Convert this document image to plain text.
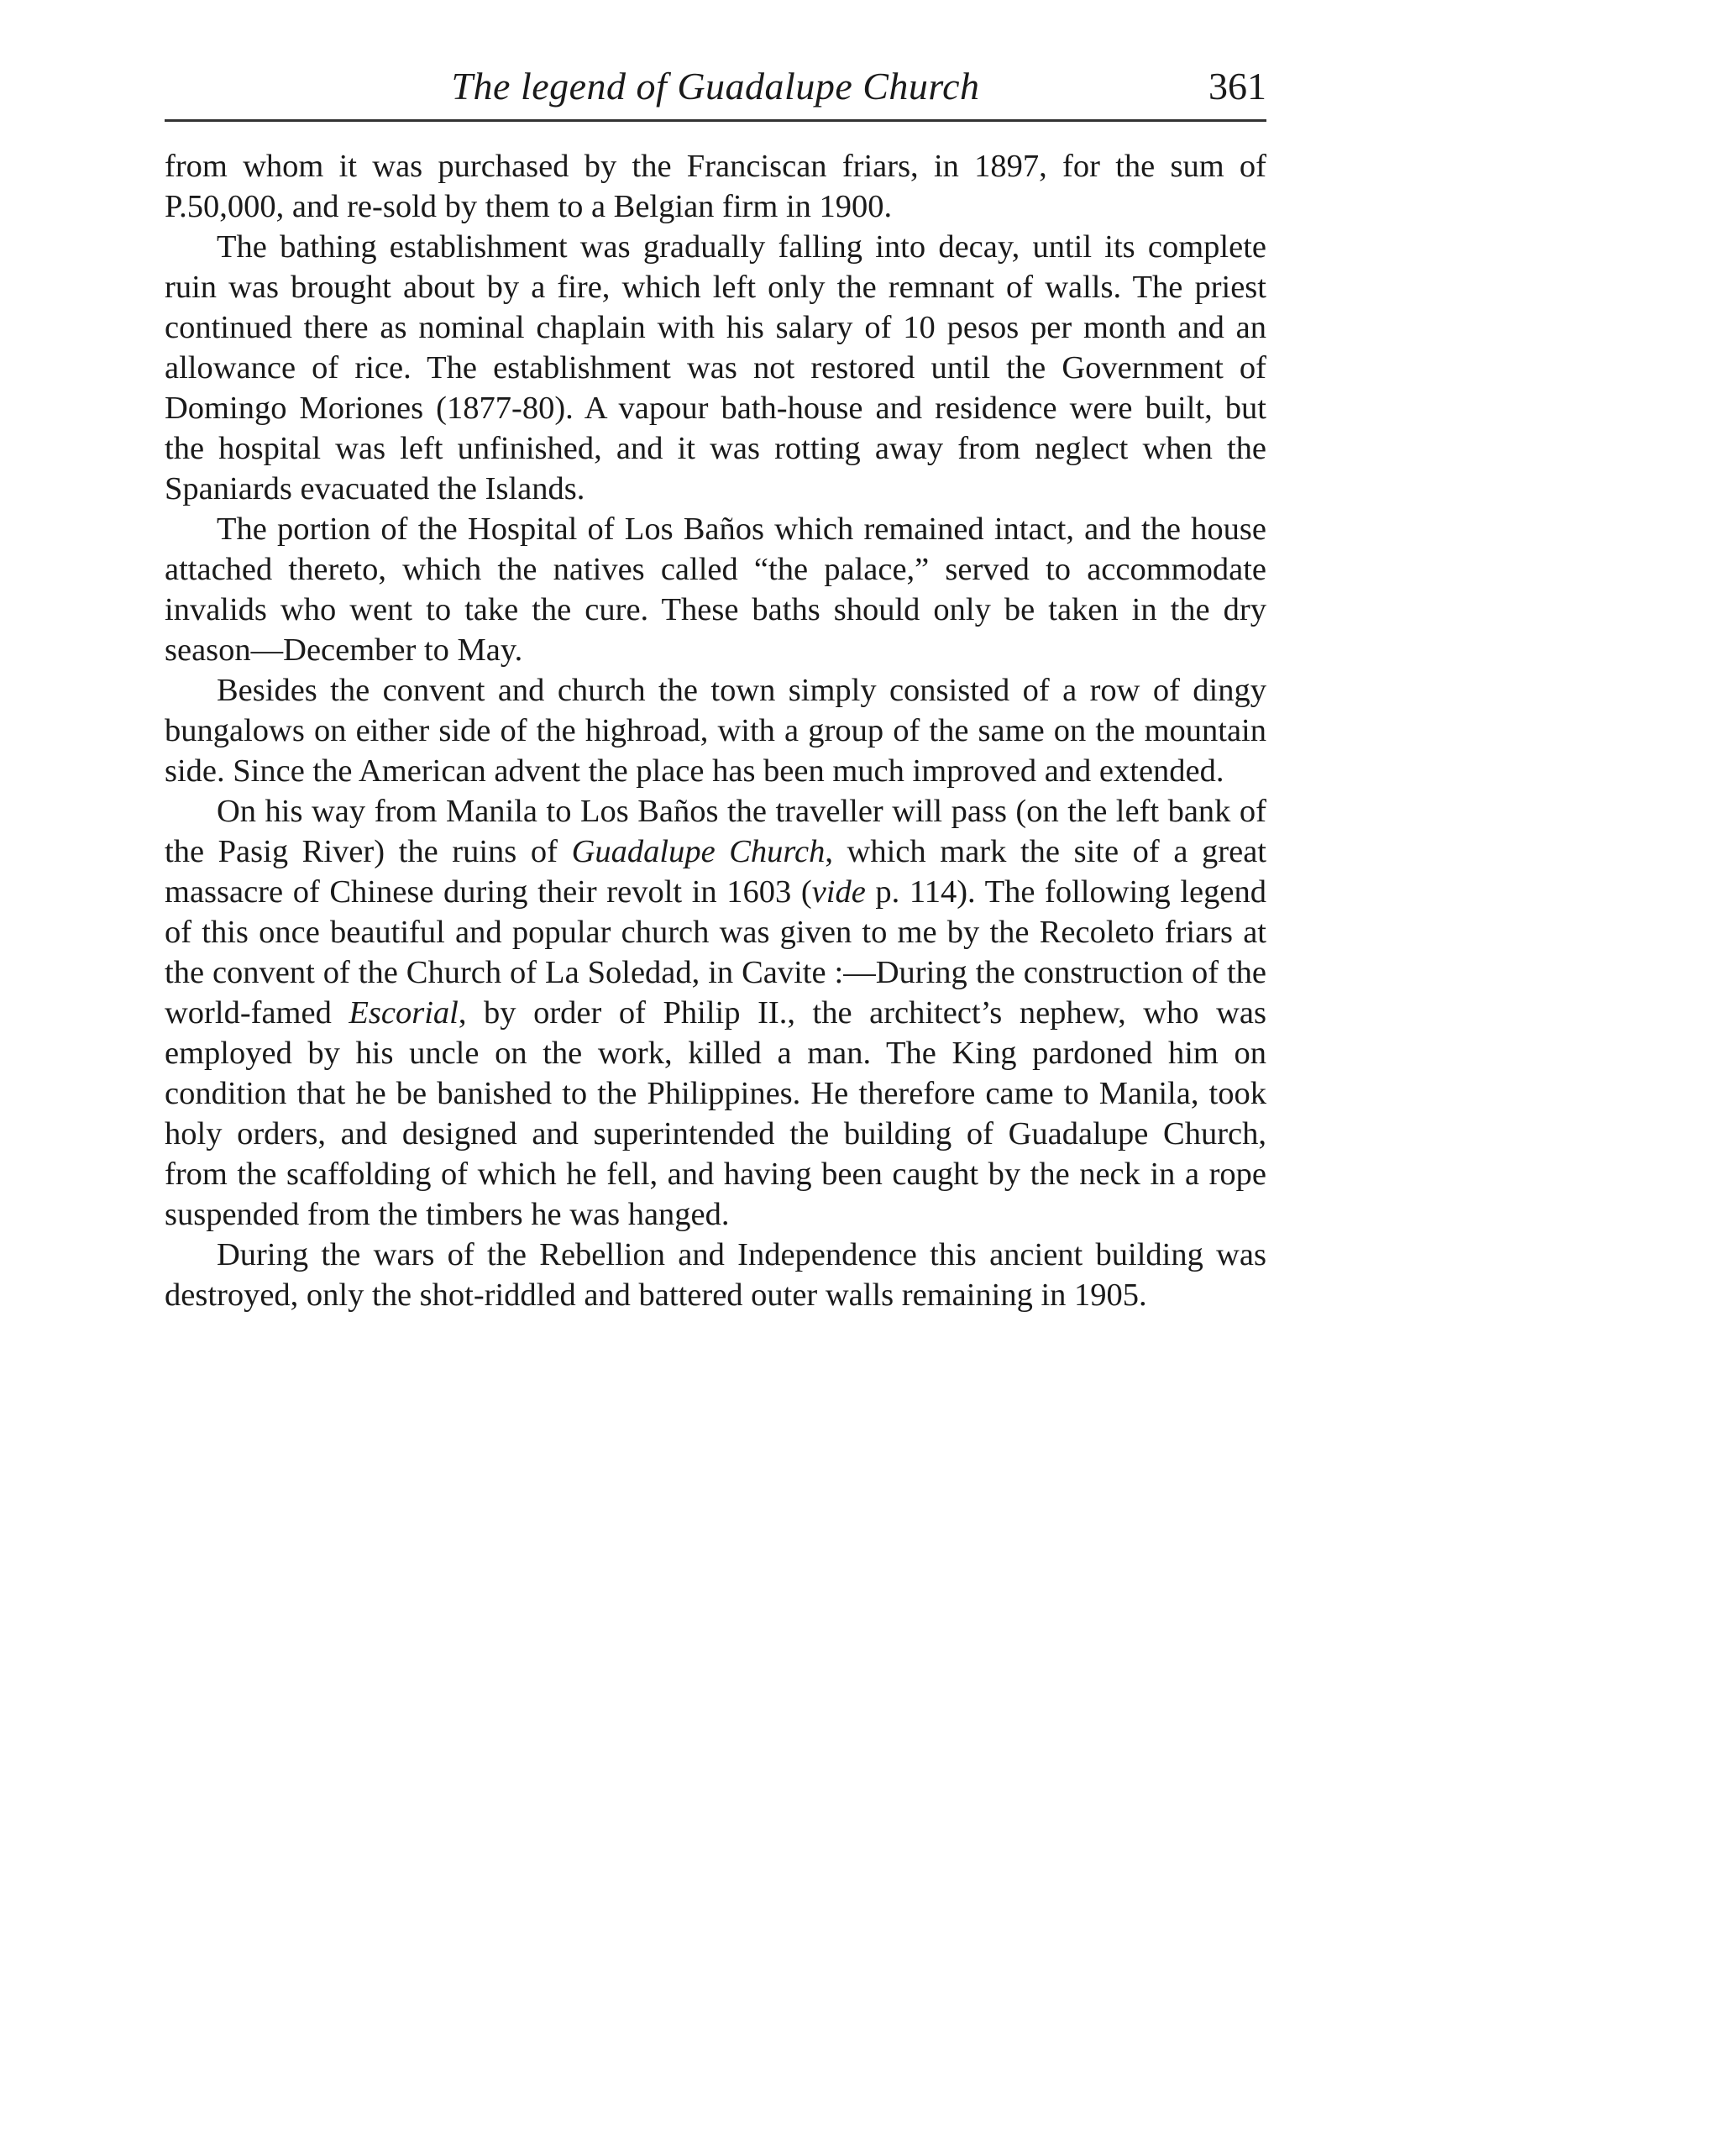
The legend of Guadalupe Church	361

from whom it was purchased by the Franciscan friars, in 1897, for the sum of P.50,000, and re-sold by them to a Belgian firm in 1900.

The bathing establishment was gradually falling into decay, until its complete ruin was brought about by a fire, which left only the remnant of walls. The priest continued there as nominal chaplain with his salary of 10 pesos per month and an allowance of rice. The establishment was not restored until the Government of Domingo Moriones (1877-80). A vapour bath-house and residence were built, but the hospital was left unfinished, and it was rotting away from neglect when the Spaniards evacuated the Islands.

The portion of the Hospital of Los Baños which remained intact, and the house attached thereto, which the natives called “the palace,” served to accommodate invalids who went to take the cure. These baths should only be taken in the dry season—December to May.

Besides the convent and church the town simply consisted of a row of dingy bungalows on either side of the highroad, with a group of the same on the mountain side. Since the American advent the place has been much improved and extended.

On his way from Manila to Los Baños the traveller will pass (on the left bank of the Pasig River) the ruins of Guadalupe Church, which mark the site of a great massacre of Chinese during their revolt in 1603 (vide p. 114). The following legend of this once beautiful and popular church was given to me by the Recoleto friars at the convent of the Church of La Soledad, in Cavite :—During the construction of the world-famed Escorial, by order of Philip II., the architect’s nephew, who was employed by his uncle on the work, killed a man. The King pardoned him on condition that he be banished to the Philippines. He therefore came to Manila, took holy orders, and designed and superintended the building of Guadalupe Church, from the scaffolding of which he fell, and having been caught by the neck in a rope suspended from the timbers he was hanged.

During the wars of the Rebellion and Independence this ancient building was destroyed, only the shot-riddled and battered outer walls remaining in 1905.
